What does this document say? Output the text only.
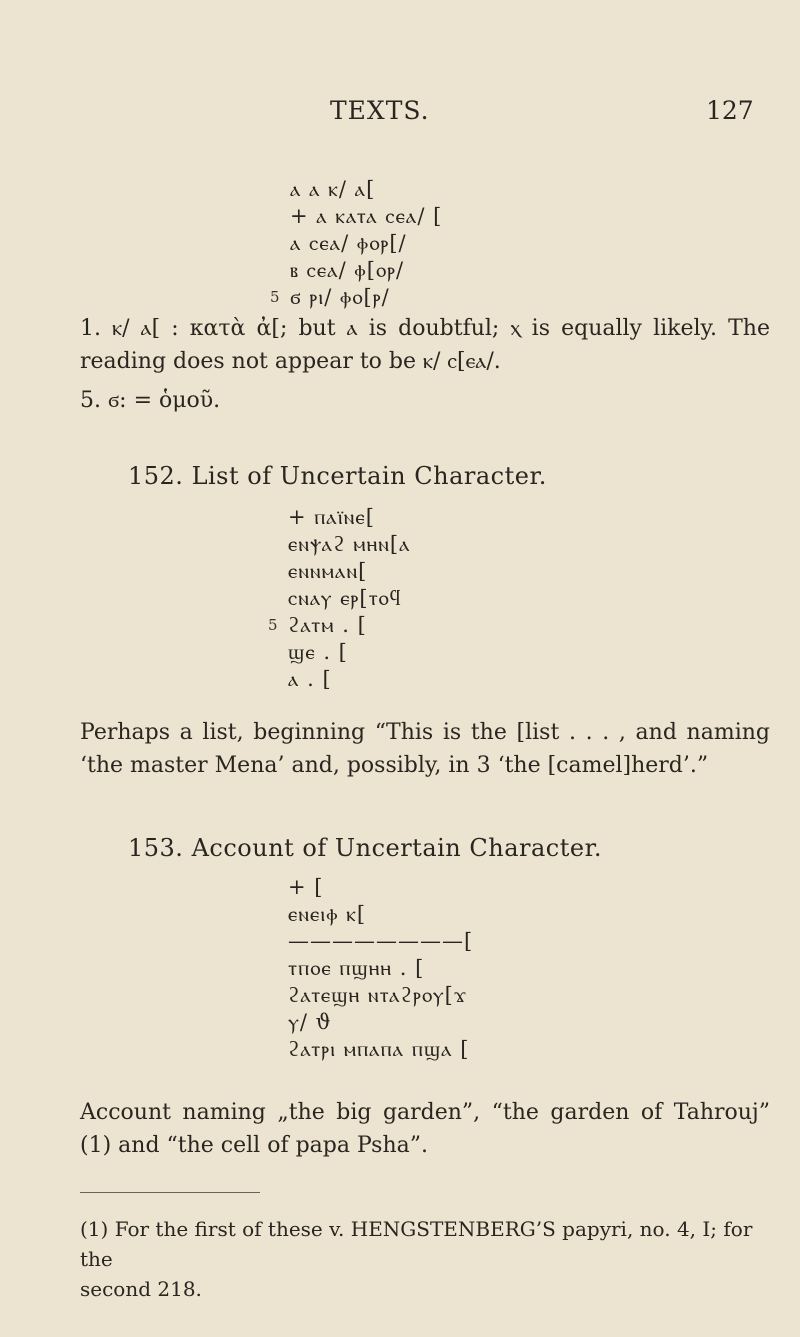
TEXTS.	127
ⲁ ⲁ ⲕ/ ⲁ[
+ ⲁ ⲕⲁⲧⲁ ⲥⲉⲁ/ [
ⲁ ⲥⲉⲁ/ ⲫⲟⲣ[/
ⲃ ⲥⲉⲁ/ ⲫ[ⲟⲣ/
5 ϭ ⲣⲓ/ ⲫⲟ[ⲣ/

1. ⲕ/ ⲁ[ : κατὰ ἀ[; but ⲁ is doubtful; ⲭ is equally likely. The reading does not appear to be ⲕ/ ⲥ[ⲉⲁ/.

5. ϭ: = ὁμοῦ.

152. List of Uncertain Character.
+ ⲡⲁⲓ̈ⲛⲉ[
ⲉⲛⲯⲁϩ ⲙⲏⲛ[ⲁ
ⲉⲛⲛⲙⲁⲛ[
ⲥⲛⲁⲩ ⲉⲣ[ⲧⲟϥ
5 ϩⲁⲧⲙ . [
ϣⲉ . [
ⲁ . [

Perhaps a list, beginning “This is the [list . . . , and naming ‘the master Mena’ and, possibly, in 3 ‘the [camel]herd’.”

153. Account of Uncertain Character.
+ [
ⲉⲛⲉⲓⲫ ⲕ[
————————[
ⲧⲡⲟⲉ ⲡϣⲏⲏ . [
ϩⲁⲧⲉϣⲏ ⲛⲧⲁϩⲣⲟⲩ[ϫ
ⲩ/ ϑ
ϩⲁⲧⲣⲓ ⲙⲡⲁⲡⲁ ⲡϣⲁ [

Account naming „the big garden”, “the garden of Tahrouj” (1) and “the cell of papa Psha”.

(1) For the first of these v. HENGSTENBERG’S papyri, no. 4, I; for the
second 218.
